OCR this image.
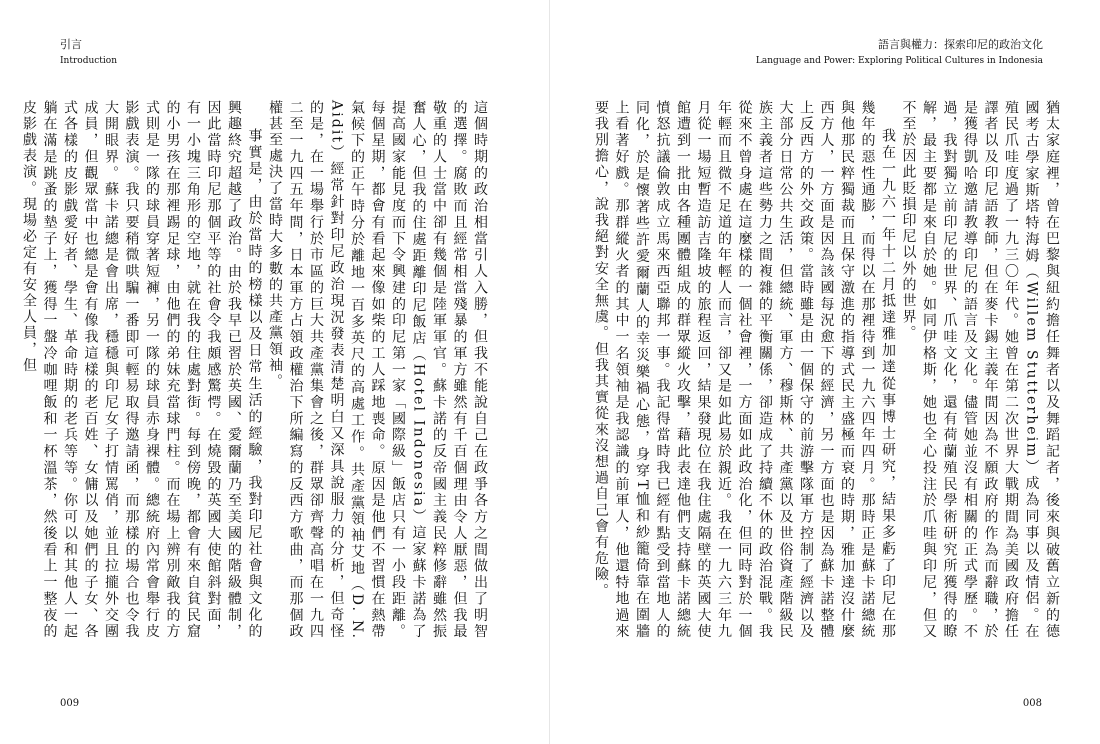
引言
Introduction

這個時期的政治相當引人入勝，但我不能說自己在政爭各方之間做出了明智的選擇。腐敗而且經常相當殘暴的軍方雖然有千百個理由令人厭惡，但我最敬重的人士當中卻有幾個是陸軍軍官。蘇卡諾的反帝國主義民粹修辭雖然振奮人心，但我的住處距離印尼飯店（Hotel Indonesia）這家蘇卡諾為了提高國家能見度而下令興建的印尼第一家「國際級」飯店只有一小段距離。每個星期，都會有看起來像如柴的工人踩地喪命。原因是他們不習慣在熱帶氣候下的正午時分於離地一百多英尺的高處工作。共產黨領袖艾地（D. N. Aidit）經常針對印尼政治現況發表清楚明白又深具說服力的分析，但奇怪的是，在一場舉行於市區的巨大共產黨集會之後，群眾卻齊聲高唱在一九四二至一九四五年間，日本軍方占領政權治下所編寫的反西方歌曲，而那個政權甚至處決了當時大多數的共產黨領袖。

事實是，由於當時的榜樣以及日常生活的經驗，我對印尼社會與文化的興趣終究超越了政治。由於我早已習於英國、愛爾蘭乃至美國的階級體制，因此當時印尼那個平等的社會令我頗感驚愕。在燒毀的英國大使館斜對面，有一小塊三角形的空地，就在我的住處對街。每到傍晚，都會有來自貧民窟的小男孩在那裡踢足球，由他們的弟妹充當球門柱。而在場上辨別敵我的方式則是一隊的球員穿著短褲，另一隊的球員赤身裸體。總統府內常會舉行皮影戲表演。我只要稍微哄騙一番即可輕易取得邀請函，而那樣的場合也令我大開眼界。蘇卡諾總是會出席，穩穩與印尼女子打情罵俏，並且拉攏外交團成員，但觀眾當中也總是會有像我這樣的老百姓、女傭以及她們的子女、各式各樣的皮影戲愛好者、學生、革命時期的老兵等等。你可以和其他人一起躺在滿是跳蚤的墊子上，獲得一盤冷咖哩飯和一杯溫茶，然後看上一整夜的皮影戲表演。現場必定有安全人員，但

009
語言與權力：探索印尼的政治文化
Language and Power: Exploring Political Cultures in Indonesia

猶太家庭裡，曾在巴黎與紐約擔任舞者以及舞蹈記者，後來與破舊立新的德國考古學家斯塔特海姆（Willem Stutterheim）成為同事以及情侶。在殖民爪哇度過了一九三〇年代。她曾在第二次世界大戰期間為美國政府擔任譯者以及印尼語教師，但在麥卡錫主義年間因為不願政府的作為而辭職，於是獲得凱哈邀請教導印尼的語言及文化。儘管她並沒有相關的正式學歷。不過，我對獨立前印尼的世界、爪哇文化，還有荷蘭殖民學術研究所獲得的瞭解，最主要都是來自於她。如同伊格斯，她也全心投注於爪哇與印尼，但又不至於因此貶損印尼以外的世界。

我在一九六一年十二月抵達雅加達從事博士研究，結果多虧了印尼在那幾年的惡性通膨，而得以在那裡待到一九六四年四月。那時正是蘇卡諾總統與他那民粹獨裁而且保守激進的指導式民主盛極而衰的時期，雅加達沒什麼西方人，一方面是因為該國每況愈下的經濟，另一方面也是因為蘇卡諾整體上反西方的外交政策。當時雖是由一個保守的前游擊隊軍方控制了經濟以及大部分日常公共生活，但總統、軍方、穆斯林、共產黨以及世俗資產階級民族主義者這些勢力之間複雜的平衡關係，卻造成了持續不休的政治混戰。我從來不曾身處在這麼樣的一個社會裡，一方面如此政治化，但同時對於一個年輕而且微不足道的年輕人而言，卻又是如此易於親近。我在一九六三年九月從一場短暫造訪吉隆坡的旅程返回，結果發現位在我住處隔壁的英國大使館遭到一批由各種團體組成的群眾縱火攻擊，藉此表達他們支持蘇卡諾總統憤怒抗議倫敦成立馬來西亞聯邦一事。我記得當時我已經有點受到當地人的同化，於是懷著些許愛爾蘭人的幸災樂禍心態，身穿T恤和紗籠倚靠在圍牆上看著好戲。那群縱火者的其中一名領袖是我認識的前軍人，他還特地過來要我別擔心，說我絕對安全無虞。但我其實從來沒想過自己會有危險。

008
